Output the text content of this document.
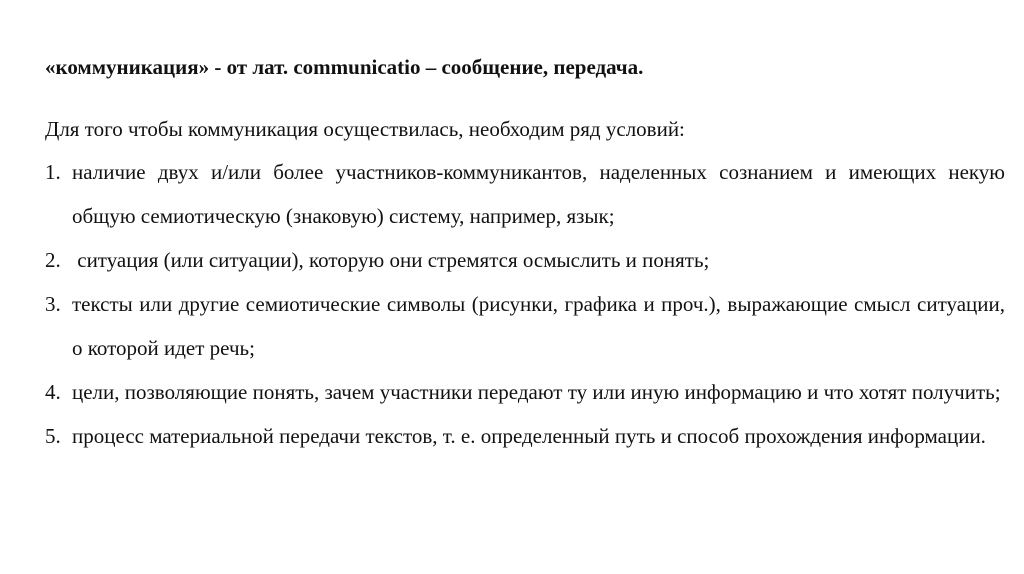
«коммуникация» - от лат. communicatio – сообщение, передача.
Для того чтобы коммуникация осуществилась, необходим ряд условий:
1. наличие двух и/или более участников-коммуникантов, наделенных сознанием и имеющих некую общую семиотическую (знаковую) систему, например, язык;
2. ситуация (или ситуации), которую они стремятся осмыслить и понять;
3. тексты или другие семиотические символы (рисунки, графика и проч.), выражающие смысл ситуации, о которой идет речь;
4. цели, позволяющие понять, зачем участники передают ту или иную информацию и что хотят получить;
5. процесс материальной передачи текстов, т. е. определенный путь и способ прохождения информации.
